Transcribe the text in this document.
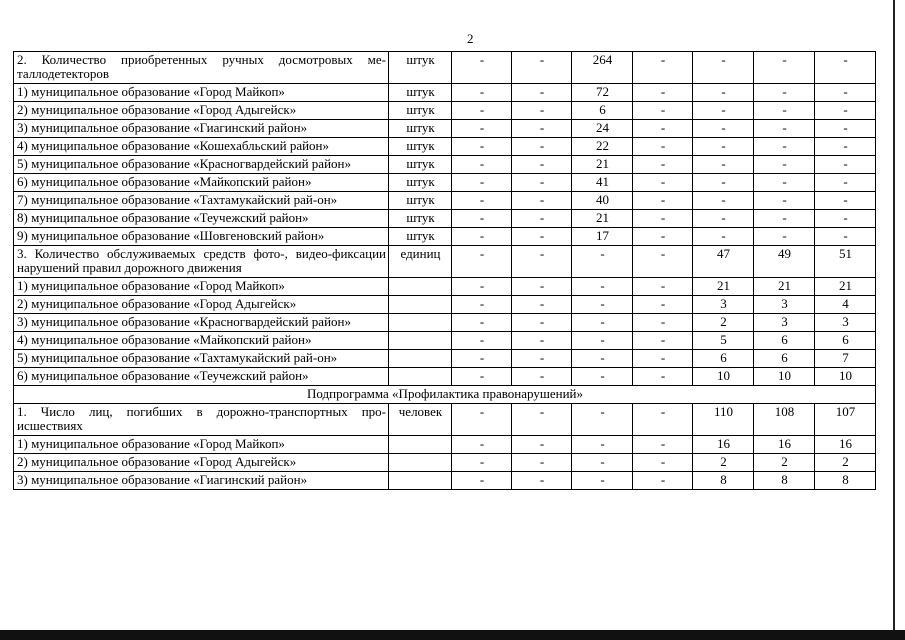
2
2. Количество приобретенных ручных досмотровых ме-таллодетекторов	штук	-	-	264	-	-	-	-
1) муниципальное образование «Город Майкоп»	штук	-	-	72	-	-	-	-
2) муниципальное образование «Город Адыгейск»	штук	-	-	6	-	-	-	-
3) муниципальное образование «Гиагинский район»	штук	-	-	24	-	-	-	-
4) муниципальное образование «Кошехабльский район»	штук	-	-	22	-	-	-	-
5) муниципальное образование «Красногвардейский район»	штук	-	-	21	-	-	-	-
6) муниципальное образование «Майкопский район»	штук	-	-	41	-	-	-	-
7) муниципальное образование «Тахтамукайский рай-он»	штук	-	-	40	-	-	-	-
8) муниципальное образование «Теучежский район»	штук	-	-	21	-	-	-	-
9) муниципальное образование «Шовгеновский район»	штук	-	-	17	-	-	-	-
3. Количество обслуживаемых средств фото-, видео-фиксации нарушений правил дорожного движения	единиц	-	-	-	-	47	49	51
1) муниципальное образование «Город Майкоп»		-	-	-	-	21	21	21
2) муниципальное образование «Город Адыгейск»		-	-	-	-	3	3	4
3) муниципальное образование «Красногвардейский район»		-	-	-	-	2	3	3
4) муниципальное образование «Майкопский район»		-	-	-	-	5	6	6
5) муниципальное образование «Тахтамукайский рай-он»		-	-	-	-	6	6	7
6) муниципальное образование «Теучежский район»		-	-	-	-	10	10	10
Подпрограмма «Профилактика правонарушений»								
1. Число лиц, погибших в дорожно-транспортных про-исшествиях	человек	-	-	-	-	110	108	107
1) муниципальное образование «Город Майкоп»		-	-	-	-	16	16	16
2) муниципальное образование «Город Адыгейск»		-	-	-	-	2	2	2
3) муниципальное образование «Гиагинский район»		-	-	-	-	8	8	8
